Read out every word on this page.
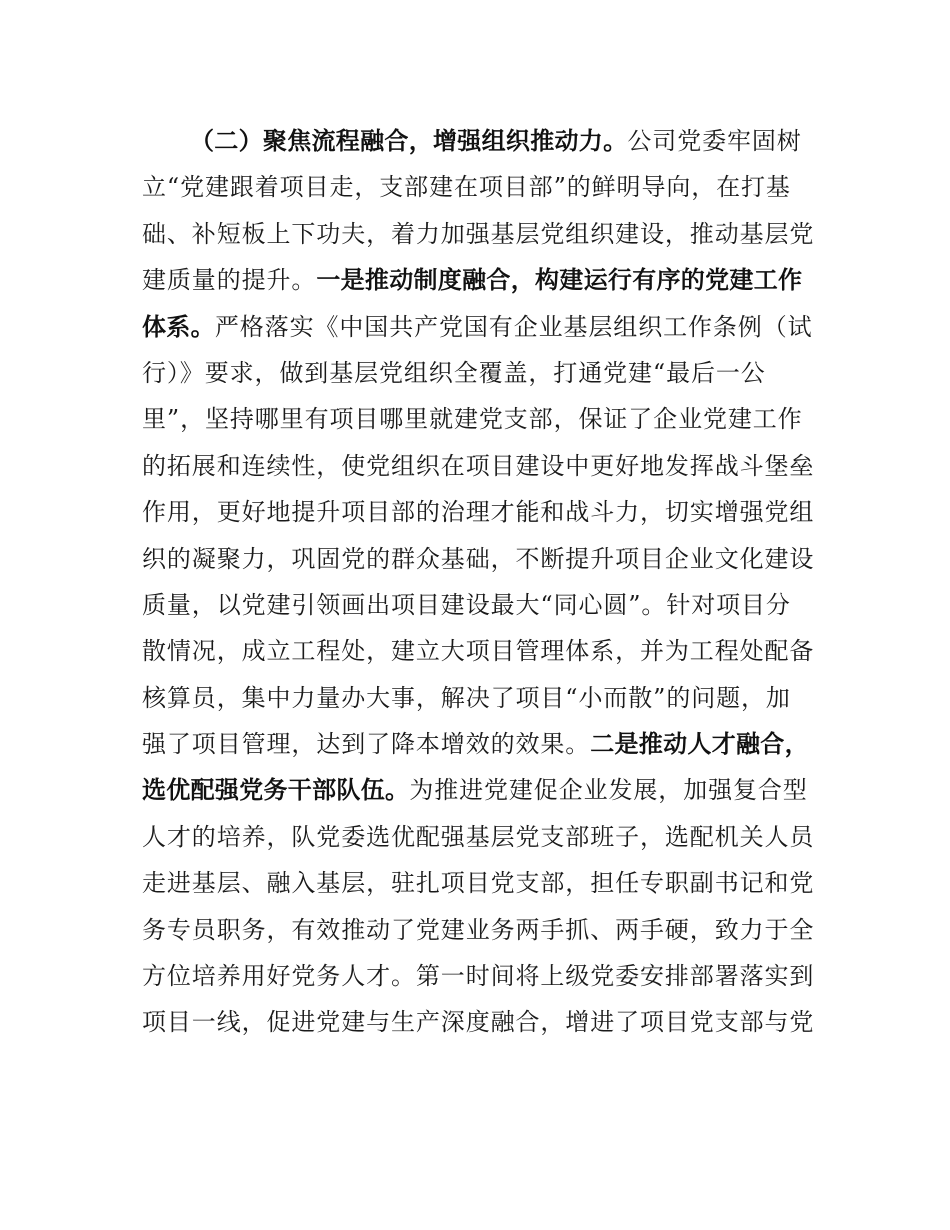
（二）聚焦流程融合，增强组织推动力。公司党委牢固树
立“党建跟着项目走，支部建在项目部”的鲜明导向，在打基
础、补短板上下功夫，着力加强基层党组织建设，推动基层党
建质量的提升。一是推动制度融合，构建运行有序的党建工作
体系。严格落实《中国共产党国有企业基层组织工作条例（试
行）》要求，做到基层党组织全覆盖，打通党建“最后一公
里”，坚持哪里有项目哪里就建党支部，保证了企业党建工作
的拓展和连续性，使党组织在项目建设中更好地发挥战斗堡垒
作用，更好地提升项目部的治理才能和战斗力，切实增强党组
织的凝聚力，巩固党的群众基础，不断提升项目企业文化建设
质量，以党建引领画出项目建设最大“同心圆”。针对项目分
散情况，成立工程处，建立大项目管理体系，并为工程处配备
核算员，集中力量办大事，解决了项目“小而散”的问题，加
强了项目管理，达到了降本增效的效果。二是推动人才融合，
选优配强党务干部队伍。为推进党建促企业发展，加强复合型
人才的培养，队党委选优配强基层党支部班子，选配机关人员
走进基层、融入基层，驻扎项目党支部，担任专职副书记和党
务专员职务，有效推动了党建业务两手抓、两手硬，致力于全
方位培养用好党务人才。第一时间将上级党委安排部署落实到
项目一线，促进党建与生产深度融合，增进了项目党支部与党
